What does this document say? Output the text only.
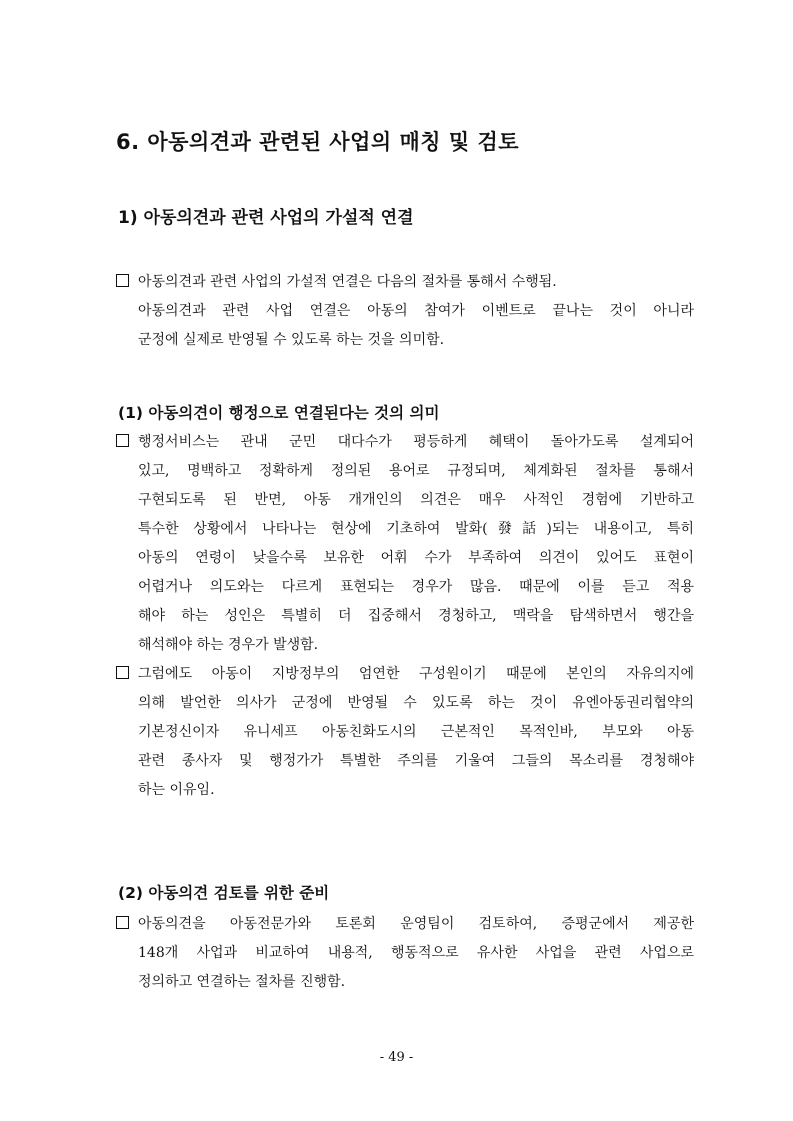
6. 아동의견과 관련된 사업의 매칭 및 검토
1) 아동의견과 관련 사업의 가설적 연결
아동의견과 관련 사업의 가설적 연결은 다음의 절차를 통해서 수행됨.
아동의견과 관련 사업 연결은 아동의 참여가 이벤트로 끝나는 것이 아니라
군정에 실제로 반영될 수 있도록 하는 것을 의미함.
(1) 아동의견이 행정으로 연결된다는 것의 의미
행정서비스는 관내 군민 대다수가 평등하게 혜택이 돌아가도록 설계되어
있고, 명백하고 정확하게 정의된 용어로 규정되며, 체계화된 절차를 통해서
구현되도록 된 반면, 아동 개개인의 의견은 매우 사적인 경험에 기반하고
특수한 상황에서 나타나는 현상에 기초하여 발화(發話)되는 내용이고, 특히
아동의 연령이 낮을수록 보유한 어휘 수가 부족하여 의견이 있어도 표현이
어렵거나 의도와는 다르게 표현되는 경우가 많음. 때문에 이를 듣고 적용
해야 하는 성인은 특별히 더 집중해서 경청하고, 맥락을 탐색하면서 행간을
해석해야 하는 경우가 발생함.
그럼에도 아동이 지방정부의 엄연한 구성원이기 때문에 본인의 자유의지에
의해 발언한 의사가 군정에 반영될 수 있도록 하는 것이 유엔아동권리협약의
기본정신이자 유니세프 아동친화도시의 근본적인 목적인바, 부모와 아동
관련 종사자 및 행정가가 특별한 주의를 기울여 그들의 목소리를 경청해야
하는 이유임.
(2) 아동의견 검토를 위한 준비
아동의견을 아동전문가와 토론회 운영팀이 검토하여, 증평군에서 제공한
148개 사업과 비교하여 내용적, 행동적으로 유사한 사업을 관련 사업으로
정의하고 연결하는 절차를 진행함.
- 49 -
